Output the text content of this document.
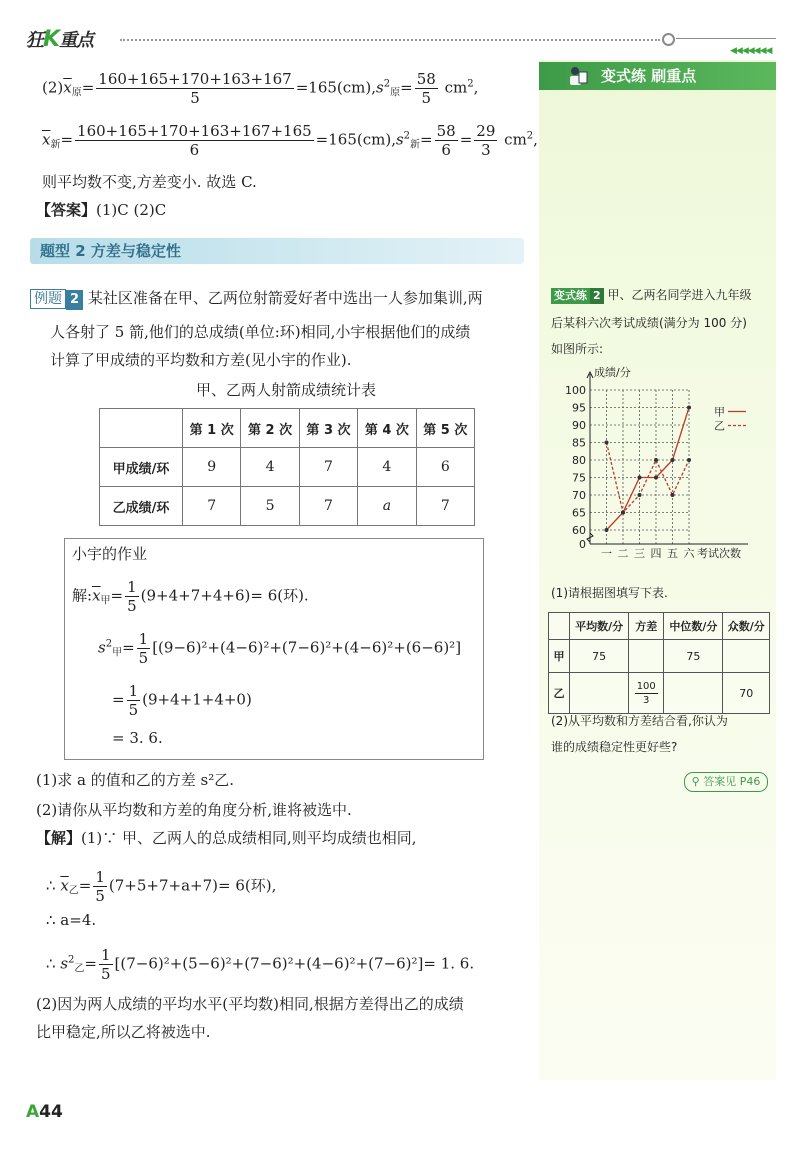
狂K重点	◀◀◀◀◀◀◀
$(2)\overline{x}_原= \frac{160+165+170+163+167}{5} =165(cm),s^2_原= \frac{58}{5} cm^2$,
$\overline{x}_新= \frac{160+165+170+163+167+165}{6} =165(cm),s^2_新= \frac{58}{6} = \frac{29}{3} cm^2$,
则平均数不变,方差变小. 故选 C.
【答案】(1)C (2)C
题型 2 方差与稳定性
例题 2 某社区准备在甲、乙两位射箭爱好者中选出一人参加集训,两
人各射了 5 箭,他们的总成绩(单位:环)相同,小宇根据他们的成绩
计算了甲成绩的平均数和方差(见小宇的作业).
甲、乙两人射箭成绩统计表
	第 1 次	第 2 次	第 3 次	第 4 次	第 5 次
甲成绩/环	9	4	7	4	6
乙成绩/环	7	5	7	a	7
小宇的作业
解$:\overline{x}_甲= \frac{1}{5} (9+4+7+4+6)= 6$(环).
$s^2_甲= \frac{1}{5} [(9-6)^2+(4-6)^2+(7-6)^2+(4-6)^2+(6-6)^2]$
= $\frac{1}{5} (9+4+1+4+0)$
= 3. 6.
(1)求 a 的值和乙的方差 s²乙.
(2)请你从平均数和方差的角度分析,谁将被选中.
【解】(1)∵ 甲、乙两人的总成绩相同,则平均成绩也相同,
∴ $\overline{x}_乙= \frac{1}{5} (7+5+7+a+7)= 6$(环),
∴ a=4.
∴ $s^2_乙= \frac{1}{5} [(7-6)^2+(5-6)^2+(7-6)^2+(4-6)^2+(7-6)^2]= 1$. 6.
(2)因为两人成绩的平均水平(平均数)相同,根据方差得出乙的成绩
比甲稳定,所以乙将被选中.
变式练 刷重点
变式练 2 甲、乙两名同学进入九年级
后某科六次考试成绩(满分为 100 分)
如图所示:
0
60
65
70
75
80
85
90
95
100
一 二 三 四 五 六 考试次数
成绩/分
甲
乙
(1)请根据图填写下表.
	平均数/分	方差	中位数/分	众数/分
甲	75		75	
乙		$\frac{100}{3}$		70
(2)从平均数和方差结合看,你认为
谁的成绩稳定性更好些?
⚲ 答案见 P46
A44
